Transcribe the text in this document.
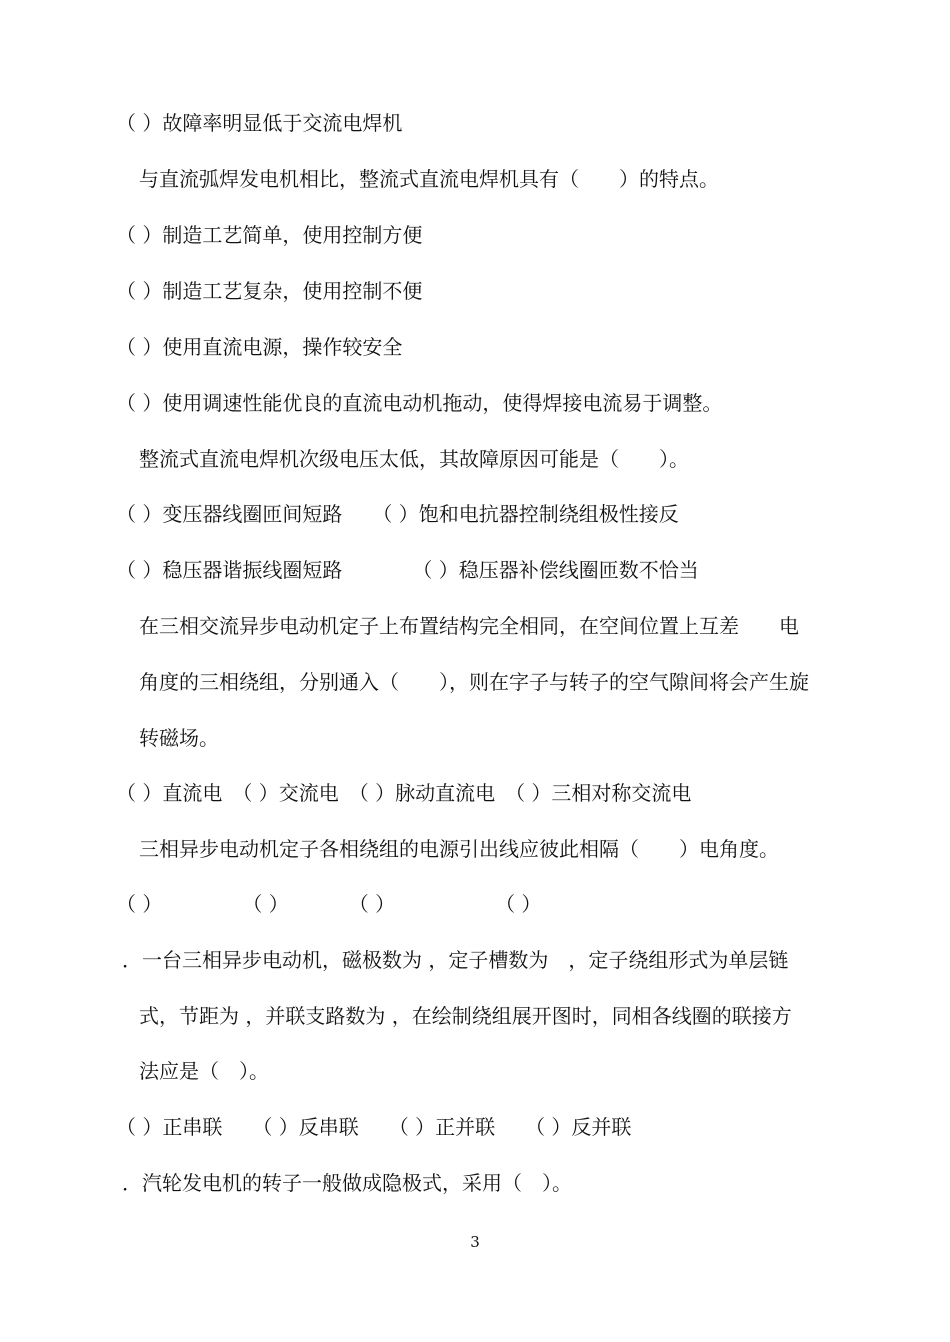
（ ）故障率明显低于交流电焊机
与直流弧焊发电机相比，整流式直流电焊机具有（　　）的特点。
（ ）制造工艺简单，使用控制方便
（ ）制造工艺复杂，使用控制不便
（ ）使用直流电源，操作较安全
（ ）使用调速性能优良的直流电动机拖动，使得焊接电流易于调整。
整流式直流电焊机次级电压太低，其故障原因可能是（　　）。
（ ）变压器线圈匝间短路　　（ ）饱和电抗器控制绕组极性接反
（ ）稳压器谐振线圈短路　　　　（ ）稳压器补偿线圈匝数不恰当
在三相交流异步电动机定子上布置结构完全相同，在空间位置上互差　　电
角度的三相绕组，分别通入（　　），则在字子与转子的空气隙间将会产生旋
转磁场。
（ ）直流电　（ ）交流电　（ ）脉动直流电　（ ）三相对称交流电
三相异步电动机定子各相绕组的电源引出线应彼此相隔（　　）电角度。
（ ）　　　　　（ ）　　　　（ ）　　　　　　（ ）
．一台三相异步电动机，磁极数为 ，定子槽数为　，定子绕组形式为单层链
式，节距为 ，并联支路数为 ，在绘制绕组展开图时，同相各线圈的联接方
法应是（　）。
（ ）正串联　　（ ）反串联　　（ ）正并联　　（ ）反并联
．汽轮发电机的转子一般做成隐极式，采用（　）。
3
